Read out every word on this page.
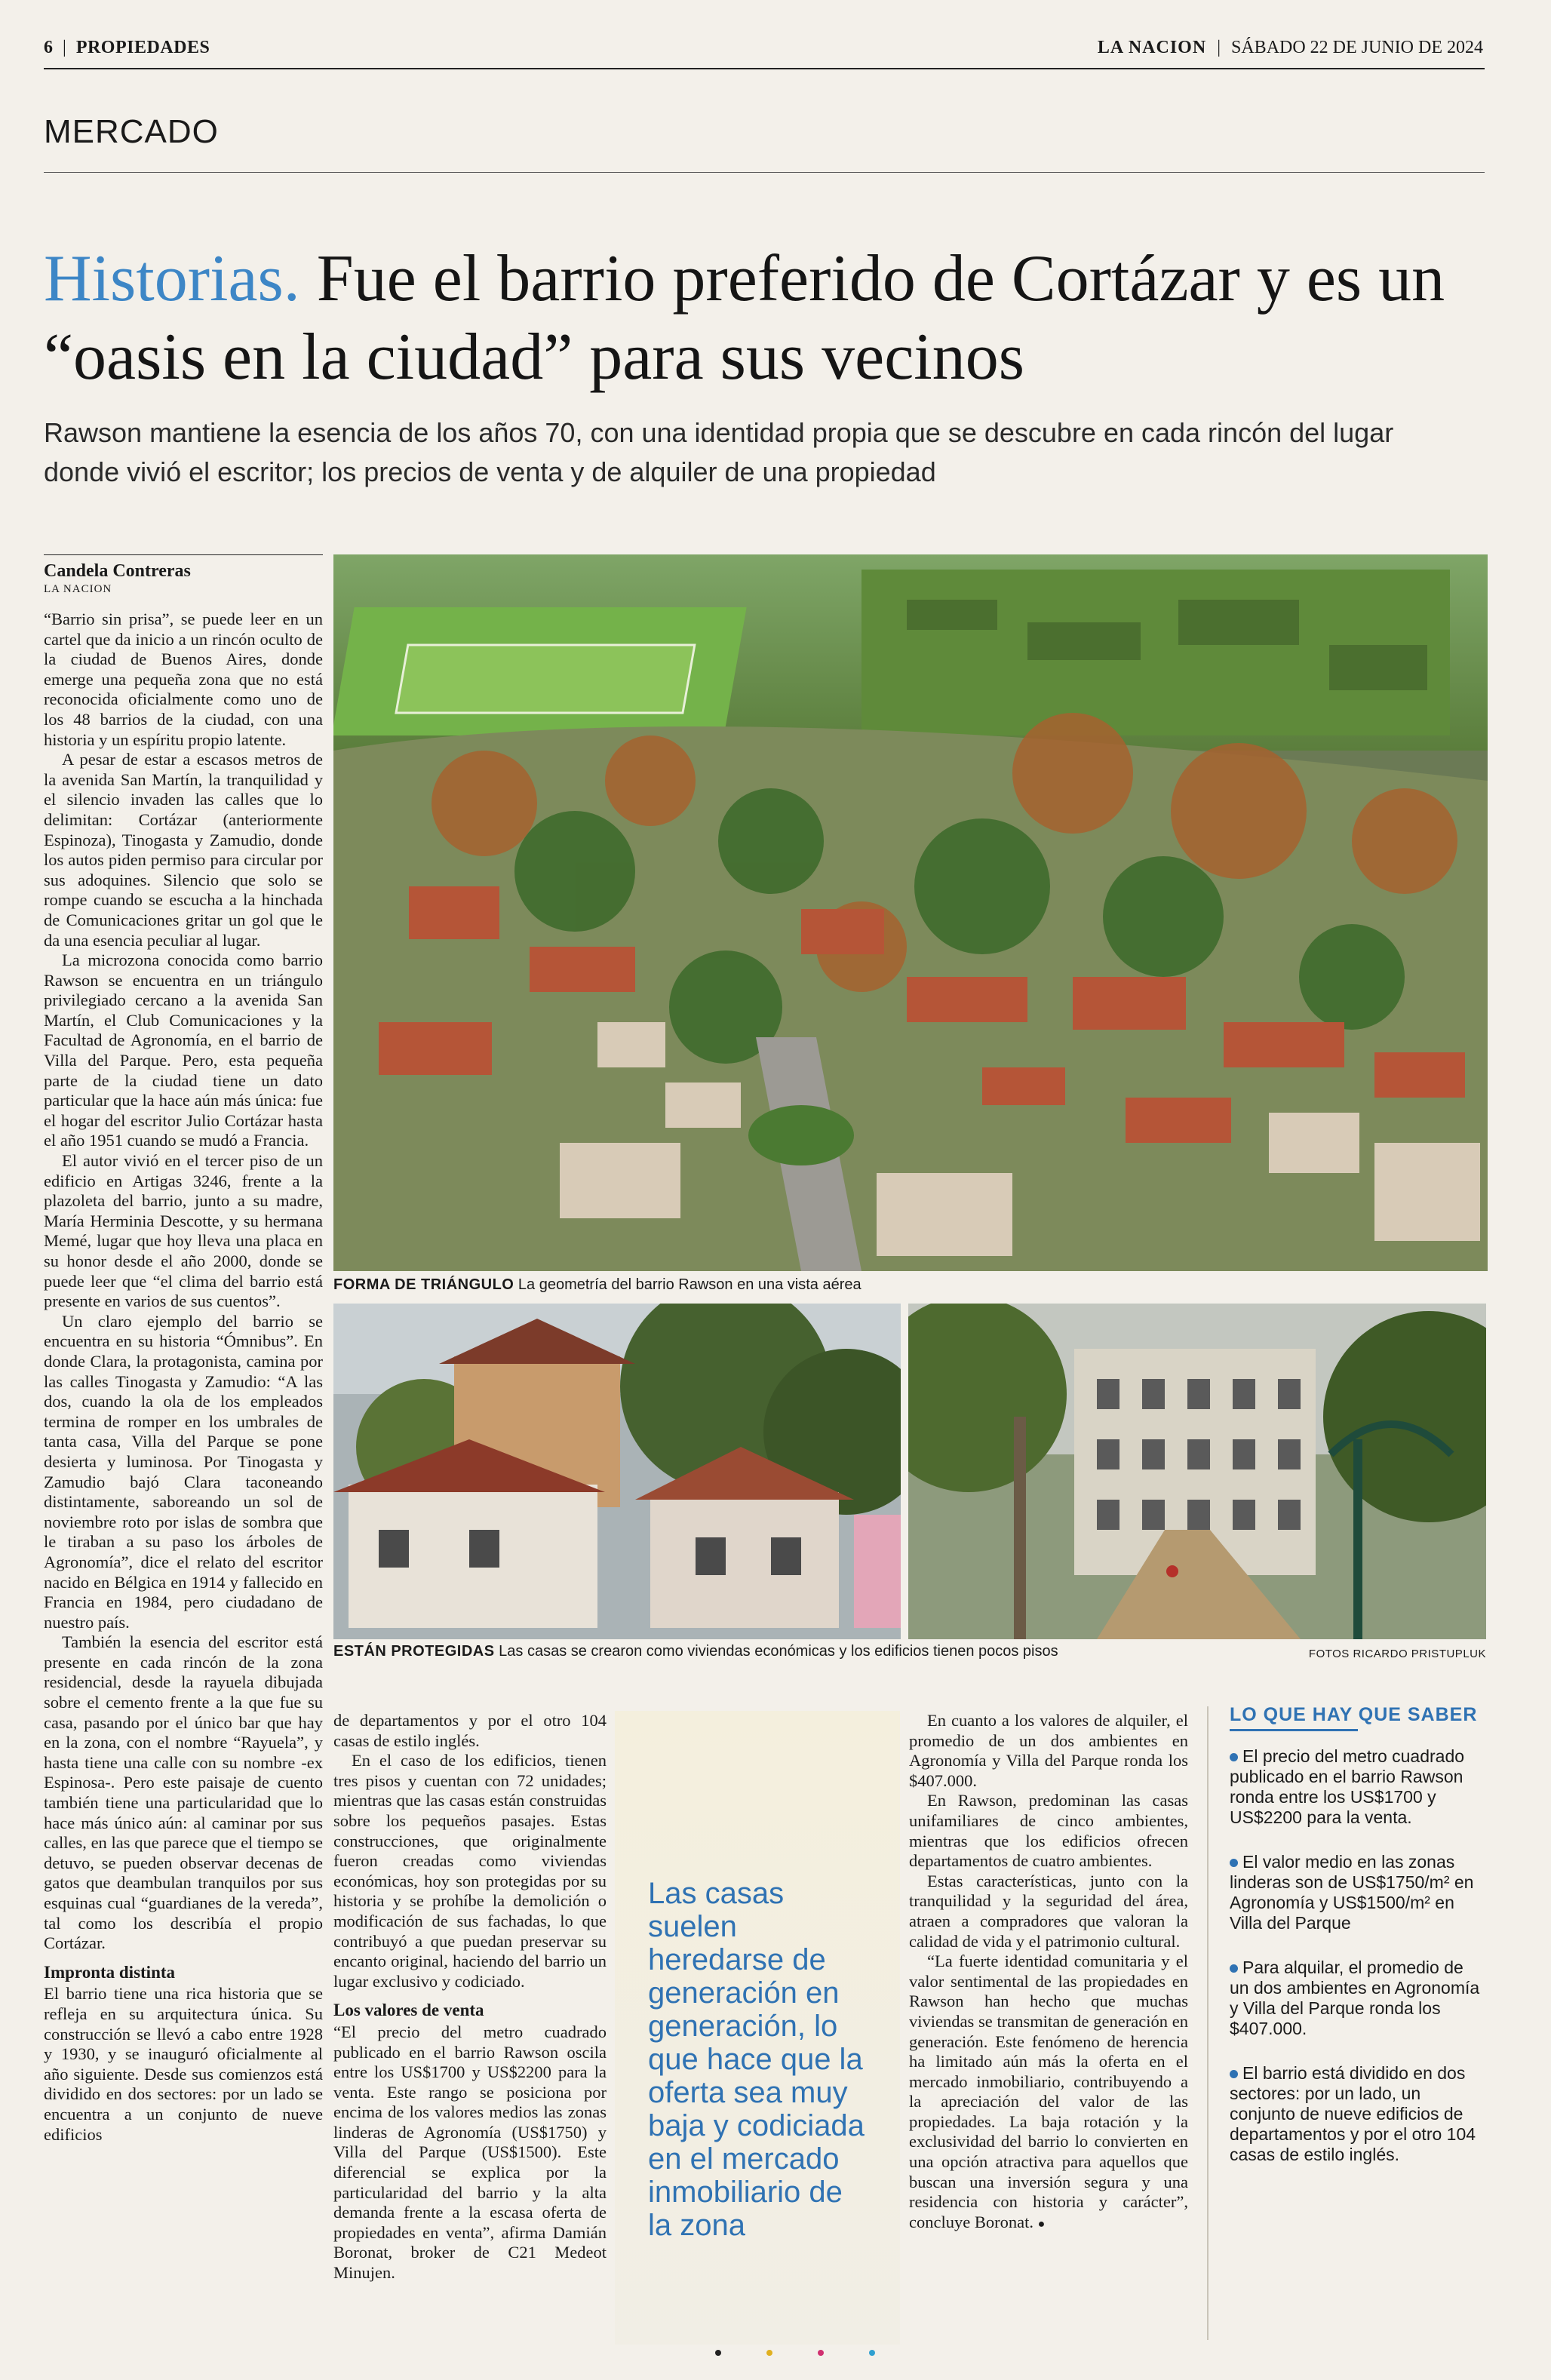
6 | PROPIEDADES	LA NACION | SÁBADO 22 DE JUNIO DE 2024
MERCADO
Historias. Fue el barrio preferido de Cortázar y es un “oasis en la ciudad” para sus vecinos
Rawson mantiene la esencia de los años 70, con una identidad propia que se descubre en cada rincón del lugar donde vivió el escritor; los precios de venta y de alquiler de una propiedad
Candela Contreras
LA NACION

“Barrio sin prisa”, se puede leer en un cartel que da inicio a un rincón oculto de la ciudad de Buenos Aires, donde emerge una pequeña zona que no está reconocida oficialmente como uno de los 48 barrios de la ciudad, con una historia y un espíritu propio latente.

A pesar de estar a escasos metros de la avenida San Martín, la tranquilidad y el silencio invaden las calles que lo delimitan: Cortázar (anteriormente Espinoza), Tinogasta y Zamudio, donde los autos piden permiso para circular por sus adoquines. Silencio que solo se rompe cuando se escucha a la hinchada de Comunicaciones gritar un gol que le da una esencia peculiar al lugar.

La microzona conocida como barrio Rawson se encuentra en un triángulo privilegiado cercano a la avenida San Martín, el Club Comunicaciones y la Facultad de Agronomía, en el barrio de Villa del Parque. Pero, esta pequeña parte de la ciudad tiene un dato particular que la hace aún más única: fue el hogar del escritor Julio Cortázar hasta el año 1951 cuando se mudó a Francia.

El autor vivió en el tercer piso de un edificio en Artigas 3246, frente a la plazoleta del barrio, junto a su madre, María Herminia Descotte, y su hermana Memé, lugar que hoy lleva una placa en su honor desde el año 2000, donde se puede leer que “el clima del barrio está presente en varios de sus cuentos”.

Un claro ejemplo del barrio se encuentra en su historia “Ómnibus”. En donde Clara, la protagonista, camina por las calles Tinogasta y Zamudio: “A las dos, cuando la ola de los empleados termina de romper en los umbrales de tanta casa, Villa del Parque se pone desierta y luminosa. Por Tinogasta y Zamudio bajó Clara taconeando distintamente, saboreando un sol de noviembre roto por islas de sombra que le tiraban a su paso los árboles de Agronomía”, dice el relato del escritor nacido en Bélgica en 1914 y fallecido en Francia en 1984, pero ciudadano de nuestro país.

También la esencia del escritor está presente en cada rincón de la zona residencial, desde la rayuela dibujada sobre el cemento frente a la que fue su casa, pasando por el único bar que hay en la zona, con el nombre “Rayuela”, y hasta tiene una calle con su nombre -ex Espinosa-. Pero este paisaje de cuento también tiene una particularidad que lo hace más único aún: al caminar por sus calles, en las que parece que el tiempo se detuvo, se pueden observar decenas de gatos que deambulan tranquilos por sus esquinas cual “guardianes de la vereda”, tal como los describía el propio Cortázar.

Impronta distinta

El barrio tiene una rica historia que se refleja en su arquitectura única. Su construcción se llevó a cabo entre 1928 y 1930, y se inauguró oficialmente al año siguiente. Desde sus comienzos está dividido en dos sectores: por un lado se encuentra a un conjunto de nueve edificios

FORMA DE TRIÁNGULO La geometría del barrio Rawson en una vista aérea
ESTÁN PROTEGIDAS Las casas se crearon como viviendas económicas y los edificios tienen pocos pisos	FOTOS RICARDO PRISTUPLUK

de departamentos y por el otro 104 casas de estilo inglés.

En el caso de los edificios, tienen tres pisos y cuentan con 72 unidades; mientras que las casas están construidas sobre los pequeños pasajes. Estas construcciones, que originalmente fueron creadas como viviendas económicas, hoy son protegidas por su historia y se prohíbe la demolición o modificación de sus fachadas, lo que contribuyó a que puedan preservar su encanto original, haciendo del barrio un lugar exclusivo y codiciado.

Los valores de venta

“El precio del metro cuadrado publicado en el barrio Rawson oscila entre los US$1700 y US$2200 para la venta. Este rango se posiciona por encima de los valores medios las zonas linderas de Agronomía (US$1750) y Villa del Parque (US$1500). Este diferencial se explica por la particularidad del barrio y la alta demanda frente a la escasa oferta de propiedades en venta”, afirma Damián Boronat, broker de C21 Medeot Minujen.

Las casas suelen heredarse de generación en generación, lo que hace que la oferta sea muy baja y codiciada en el mercado inmobiliario de la zona

En cuanto a los valores de alquiler, el promedio de un dos ambientes en Agronomía y Villa del Parque ronda los $407.000.

En Rawson, predominan las casas unifamiliares de cinco ambientes, mientras que los edificios ofrecen departamentos de cuatro ambientes.

Estas características, junto con la tranquilidad y la seguridad del área, atraen a compradores que valoran la calidad de vida y el patrimonio cultural.

“La fuerte identidad comunitaria y el valor sentimental de las propiedades en Rawson han hecho que muchas viviendas se transmitan de generación en generación. Este fenómeno de herencia ha limitado aún más la oferta en el mercado inmobiliario, contribuyendo a la apreciación del valor de las propiedades. La baja rotación y la exclusividad del barrio lo convierten en una opción atractiva para aquellos que buscan una inversión segura y una residencia con historia y carácter”, concluye Boronat. ●

LO QUE HAY QUE SABER
El precio del metro cuadrado publicado en el barrio Rawson ronda entre los US$1700 y US$2200 para la venta.
El valor medio en las zonas linderas son de US$1750/m² en Agronomía y US$1500/m² en Villa del Parque
Para alquilar, el promedio de un dos ambientes en Agronomía y Villa del Parque ronda los $407.000.
El barrio está dividido en dos sectores: por un lado, un conjunto de nueve edificios de departamentos y por el otro 104 casas de estilo inglés.
